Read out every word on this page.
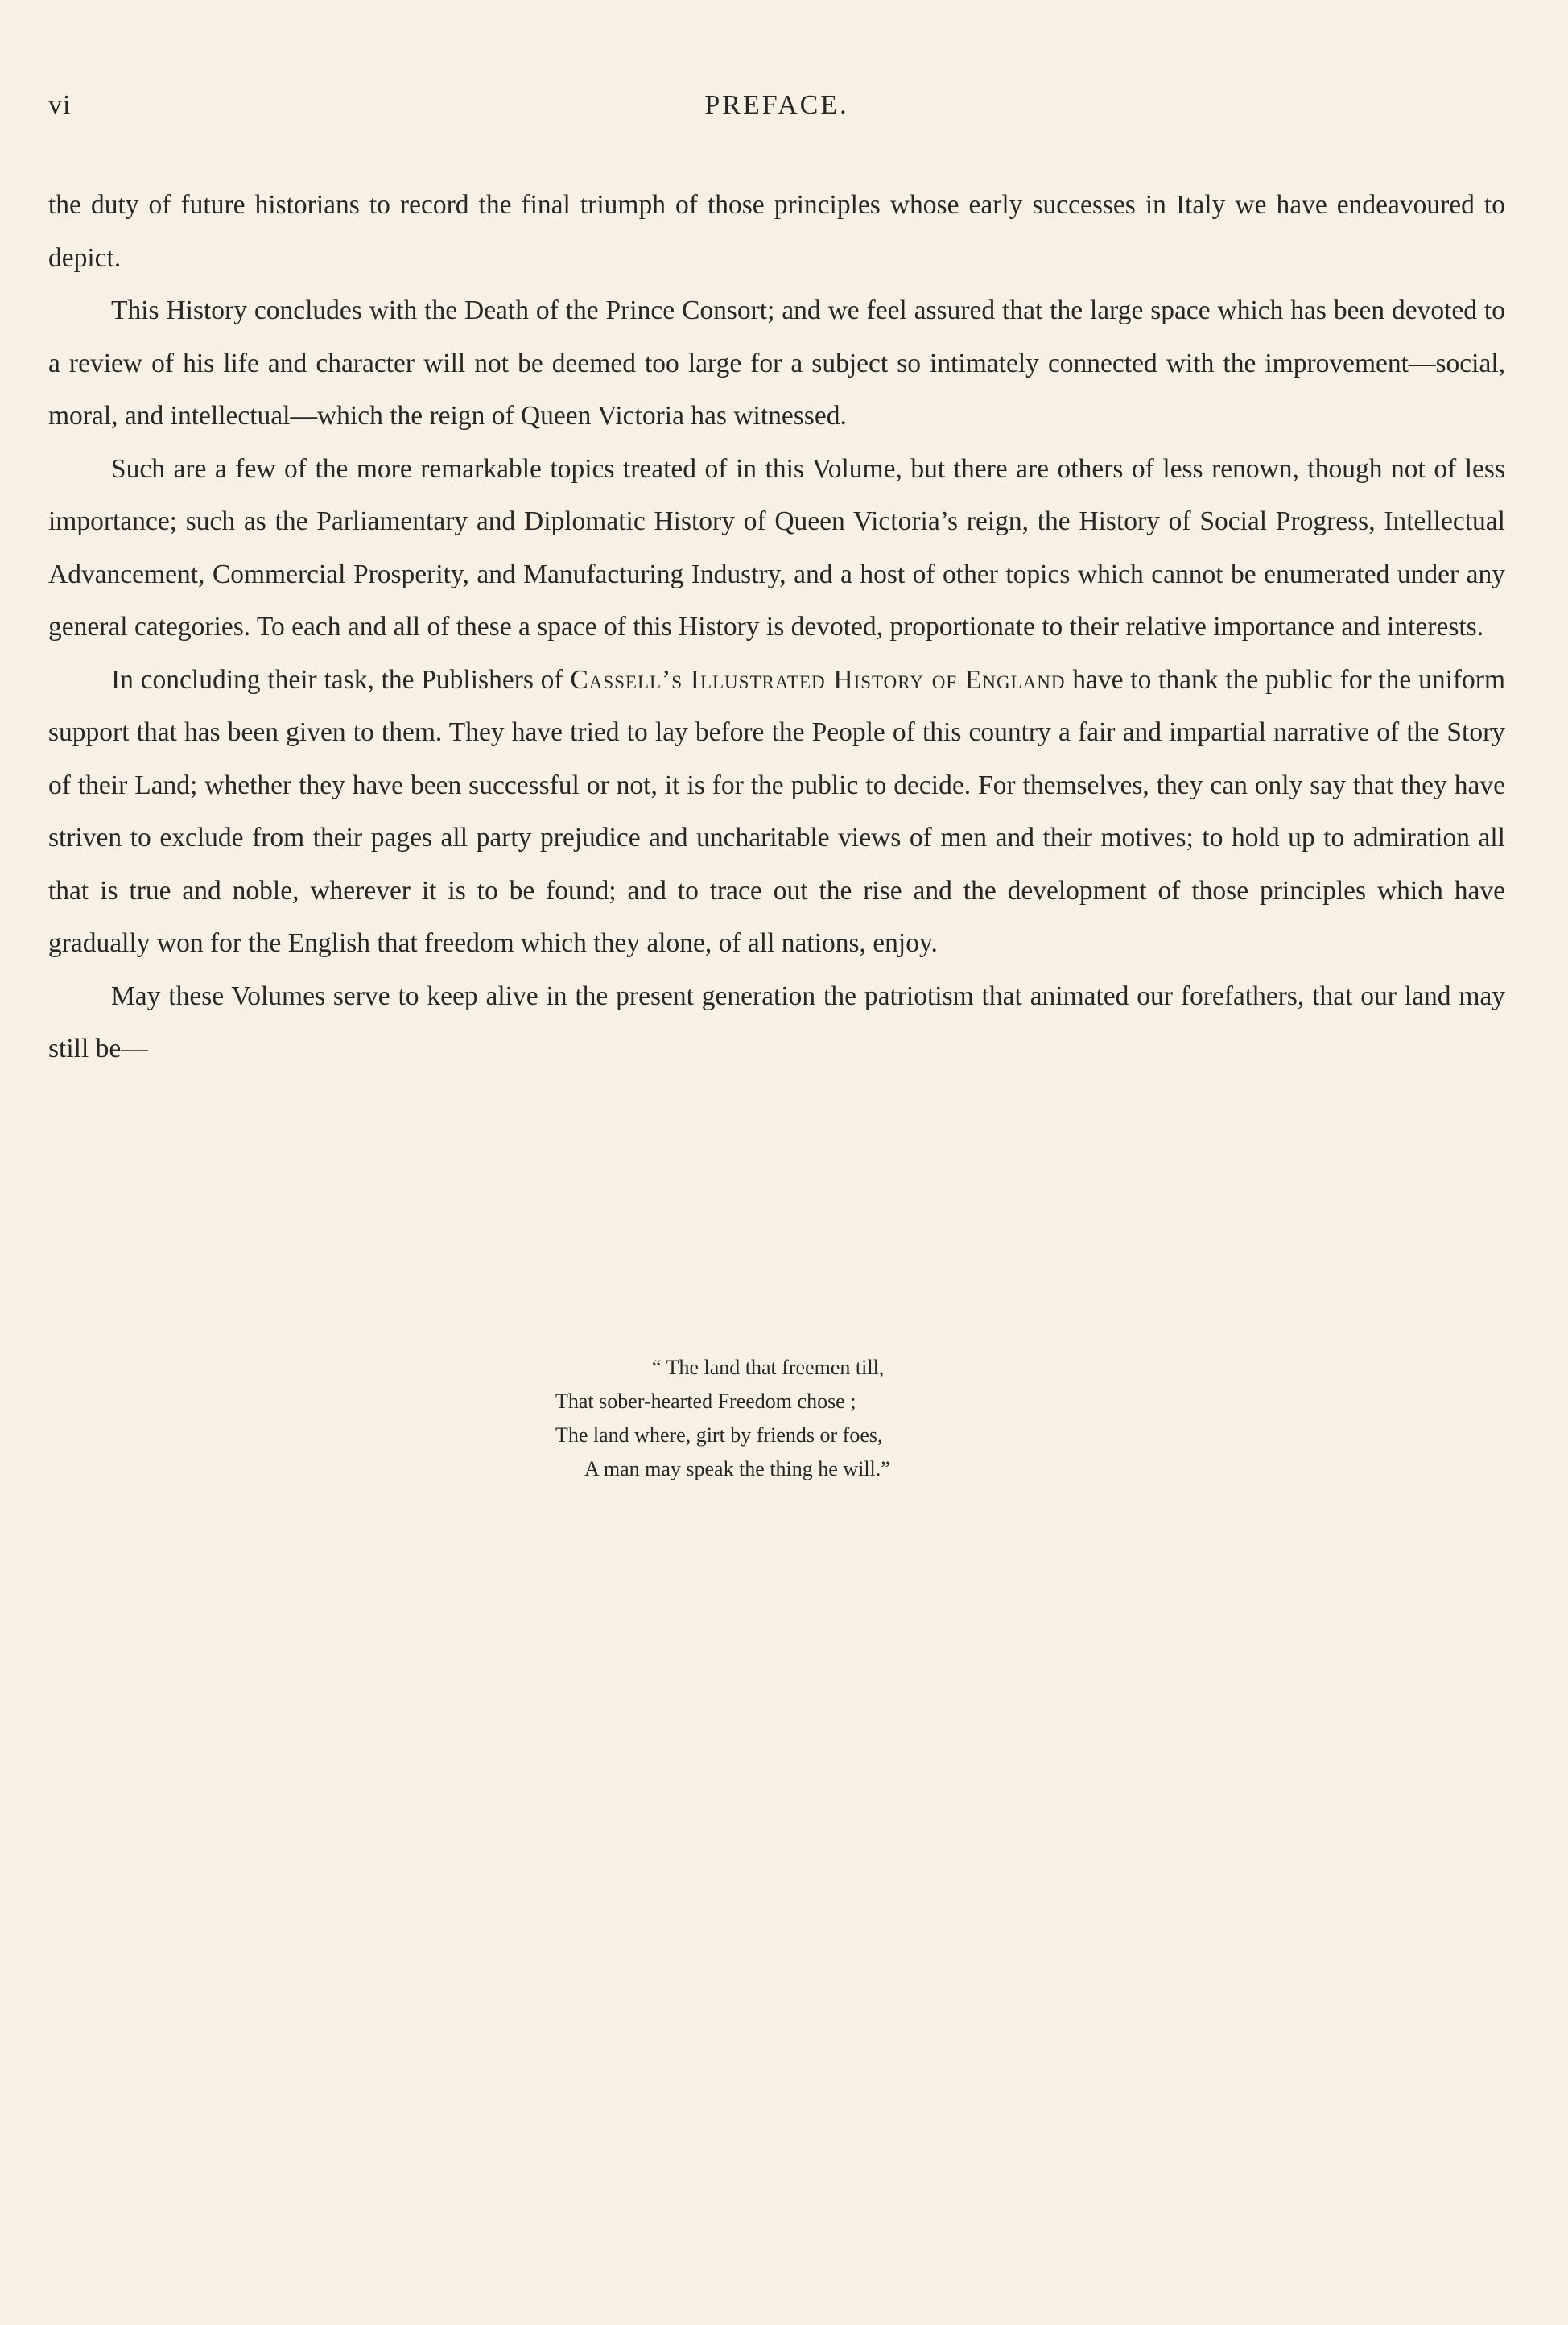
vi	PREFACE.

the duty of future historians to record the final triumph of those principles whose early successes in Italy we have endeavoured to depict.

This History concludes with the Death of the Prince Consort; and we feel assured that the large space which has been devoted to a review of his life and character will not be deemed too large for a subject so intimately connected with the improvement—social, moral, and intellectual—which the reign of Queen Victoria has witnessed.

Such are a few of the more remarkable topics treated of in this Volume, but there are others of less renown, though not of less importance; such as the Parliamentary and Diplomatic History of Queen Victoria’s reign, the History of Social Progress, Intellectual Advancement, Commercial Prosperity, and Manufacturing Industry, and a host of other topics which cannot be enumerated under any general categories. To each and all of these a space of this History is devoted, proportionate to their relative importance and interests.

In concluding their task, the Publishers of Cassell’s Illustrated History of England have to thank the public for the uniform support that has been given to them. They have tried to lay before the People of this country a fair and impartial narrative of the Story of their Land; whether they have been successful or not, it is for the public to decide. For themselves, they can only say that they have striven to exclude from their pages all party prejudice and uncharitable views of men and their motives; to hold up to admiration all that is true and noble, wherever it is to be found; and to trace out the rise and the development of those principles which have gradually won for the English that freedom which they alone, of all nations, enjoy.

May these Volumes serve to keep alive in the present generation the patriotism that animated our forefathers, that our land may still be—

“ The land that freemen till,
That sober-hearted Freedom chose ;
The land where, girt by friends or foes,
A man may speak the thing he will.”
